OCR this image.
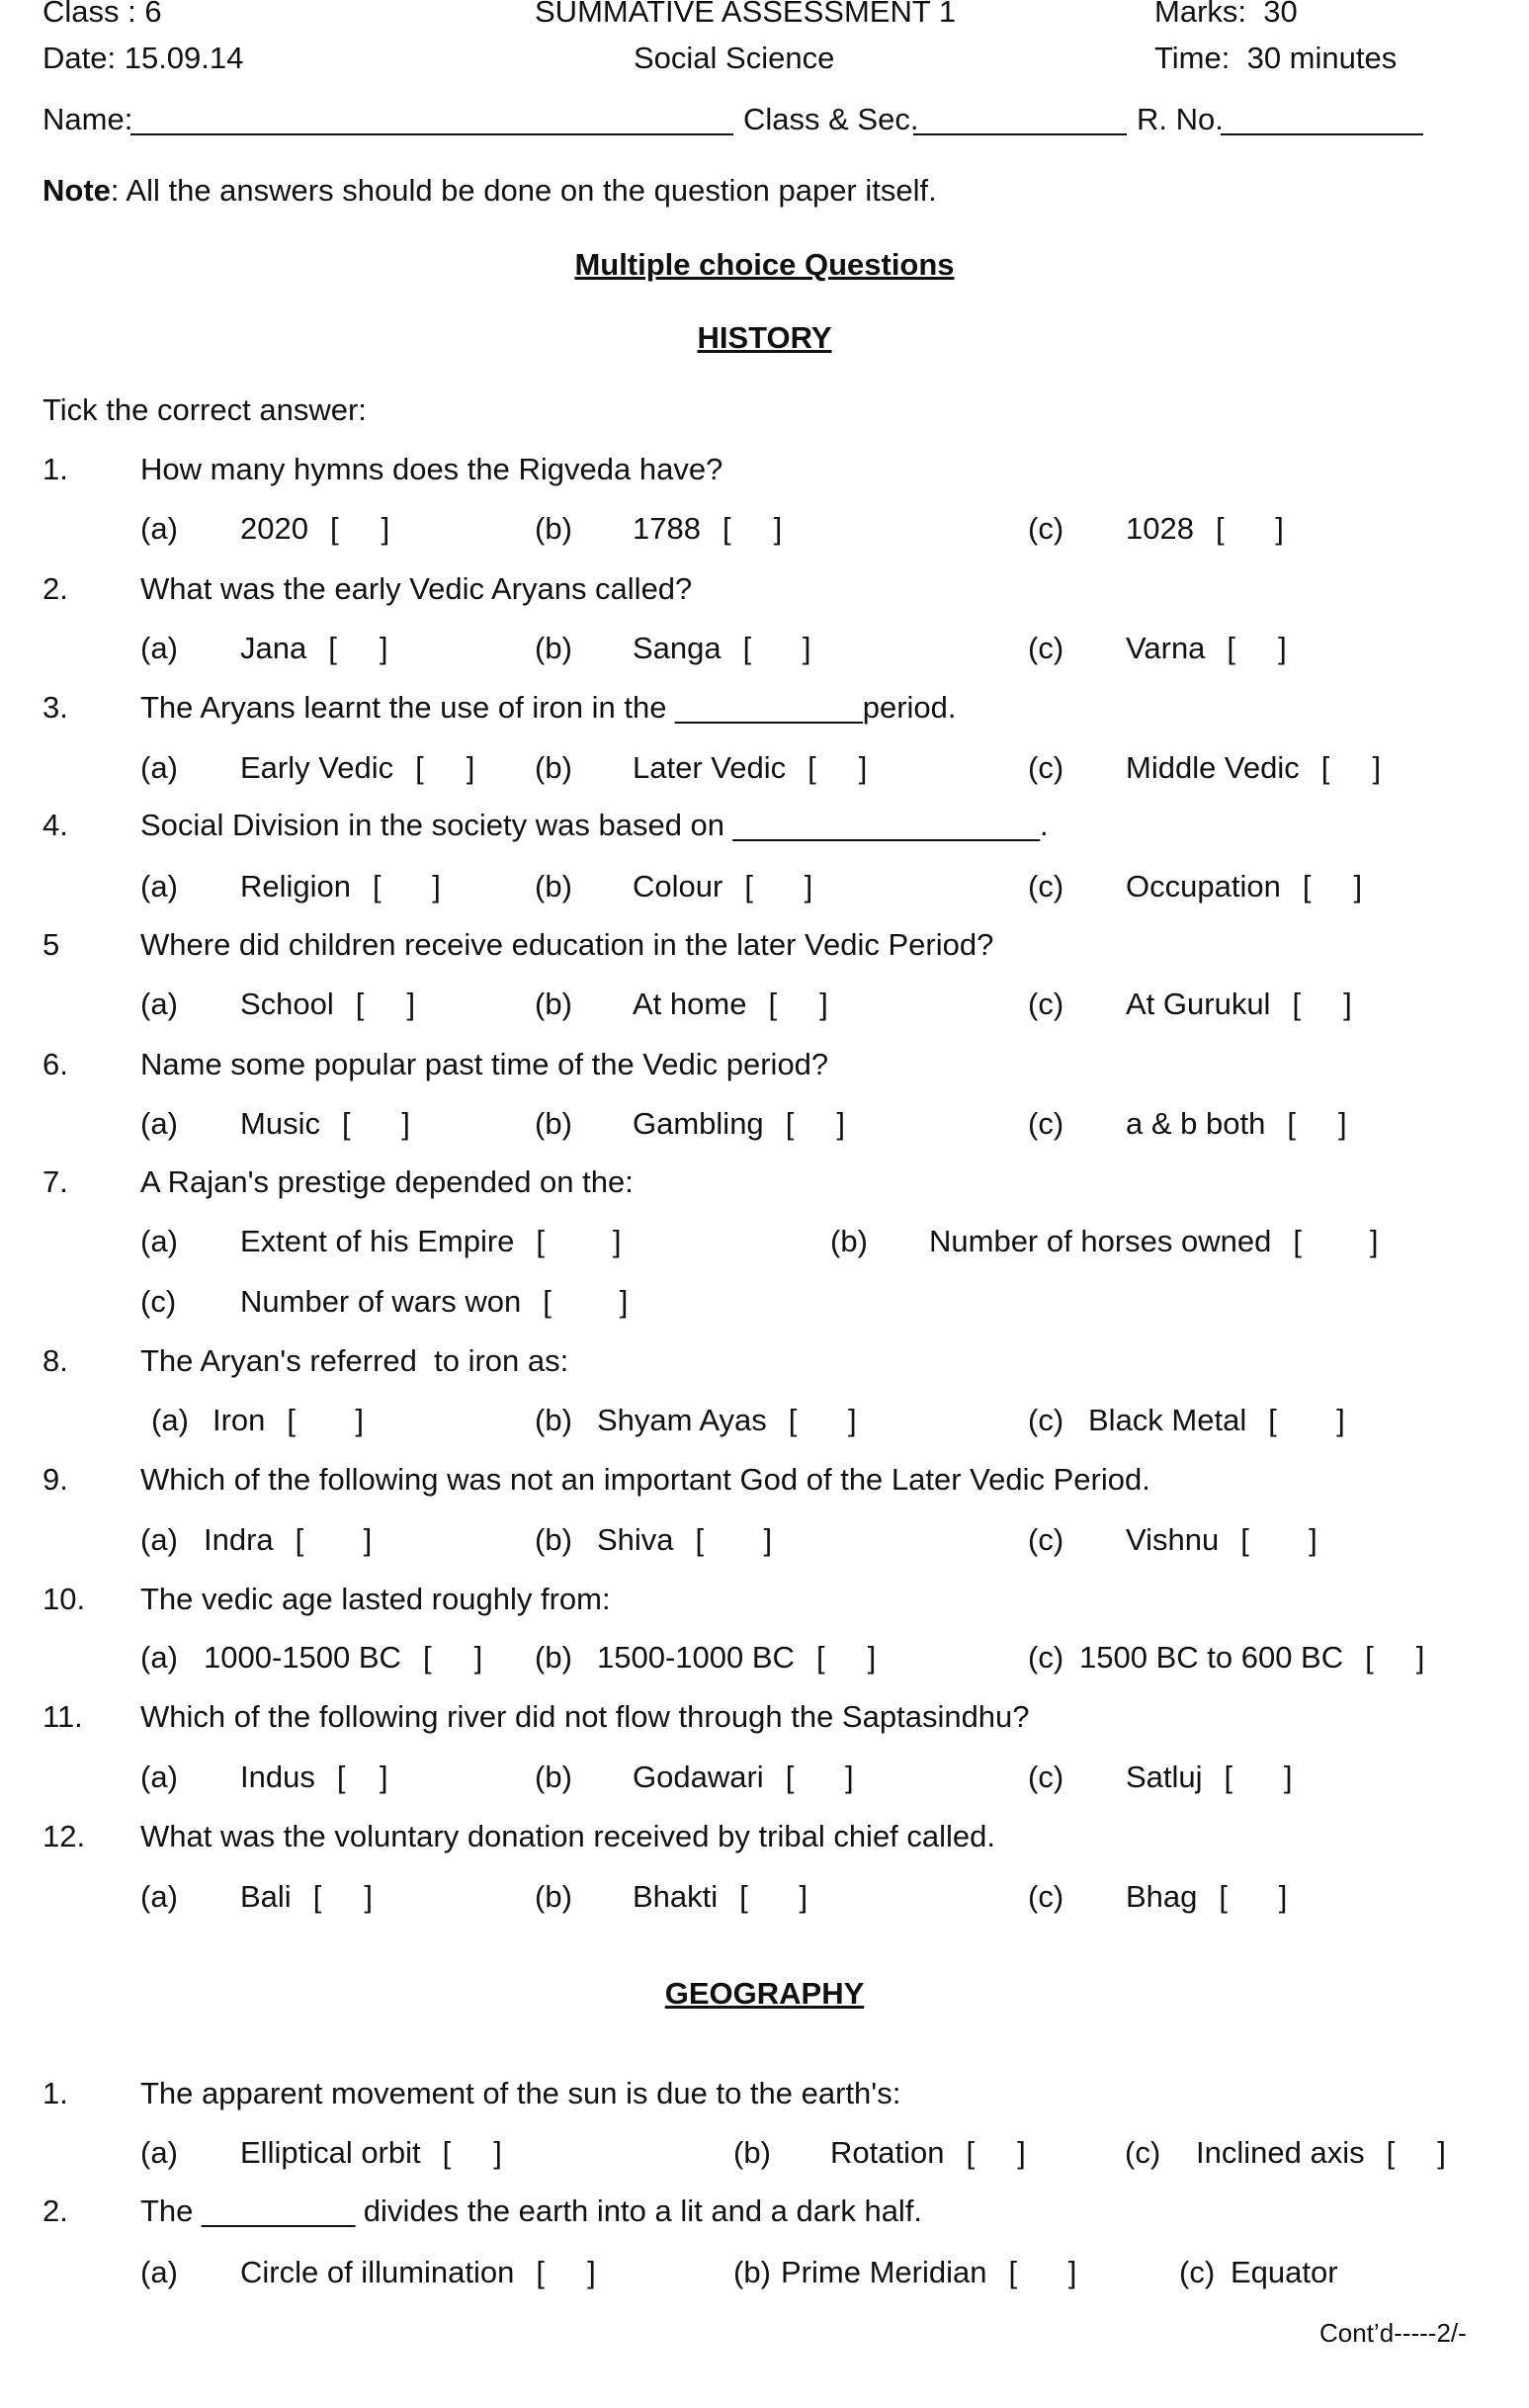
Class : 6	SUMMATIVE ASSESSMENT 1	Marks:  30
Date: 15.09.14	Social Science	Time:  30 minutes
Name:	Class & Sec.	R. No.
Note: All the answers should be done on the question paper itself.
Multiple choice Questions
HISTORY
Tick the correct answer:
GEOGRAPHY
Cont’d-----2/-
1. How many hymns does the Rigveda have?
(a) 2020 [     ]	(b) 1788 [     ]	(c) 1028 [      ]
2. What was the early Vedic Aryans called?
(a) Jana [     ]	(b) Sanga [      ]	(c) Varna [     ]
3. The Aryans learnt the use of iron in the ___________period.
(a) Early Vedic [     ] (b) Later Vedic [     ]	(c) Middle Vedic [     ]
4. Social Division in the society was based on __________________.
(a) Religion [      ]	(b) Colour [      ]	(c) Occupation [     ]
5	Where did children receive education in the later Vedic Period?
(a) School [     ]	(b) At home [     ]	(c) At Gurukul [     ]
6. Name some popular past time of the Vedic period?
(a) Music [      ]	(b) Gambling [     ]	(c) a & b both [     ]
7. A Rajan's prestige depended on the:
(a) Extent of his Empire [        ]	(b) Number of horses owned [        ]
(c) Number of wars won [        ]
8. The Aryan's referred  to iron as:
(a) Iron [       ]	(b) Shyam Ayas [      ]	(c) Black Metal [       ]
9. Which of the following was not an important God of the Later Vedic Period.
(a) Indra [       ]	(b) Shiva [       ]	(c) Vishnu [       ]
10. The vedic age lasted roughly from:
(a) 1000-1500 BC [     ] (b) 1500-1000 BC [     ]	(c) 1500 BC to 600 BC [     ]
11. Which of the following river did not flow through the Saptasindhu?
(a) Indus [    ]	(b) Godawari [      ]	(c) Satluj [      ]
12. What was the voluntary donation received by tribal chief called.
(a) Bali [     ]	(b) Bhakti [      ]	(c) Bhag [      ]
1. The apparent movement of the sun is due to the earth's:
(a) Elliptical orbit [     ]	(b) Rotation [     ]	(c) Inclined axis [     ]
2. The _________ divides the earth into a lit and a dark half.
(a) Circle of illumination [     ]	(b) Prime Meridian [      ]	(c) Equator
